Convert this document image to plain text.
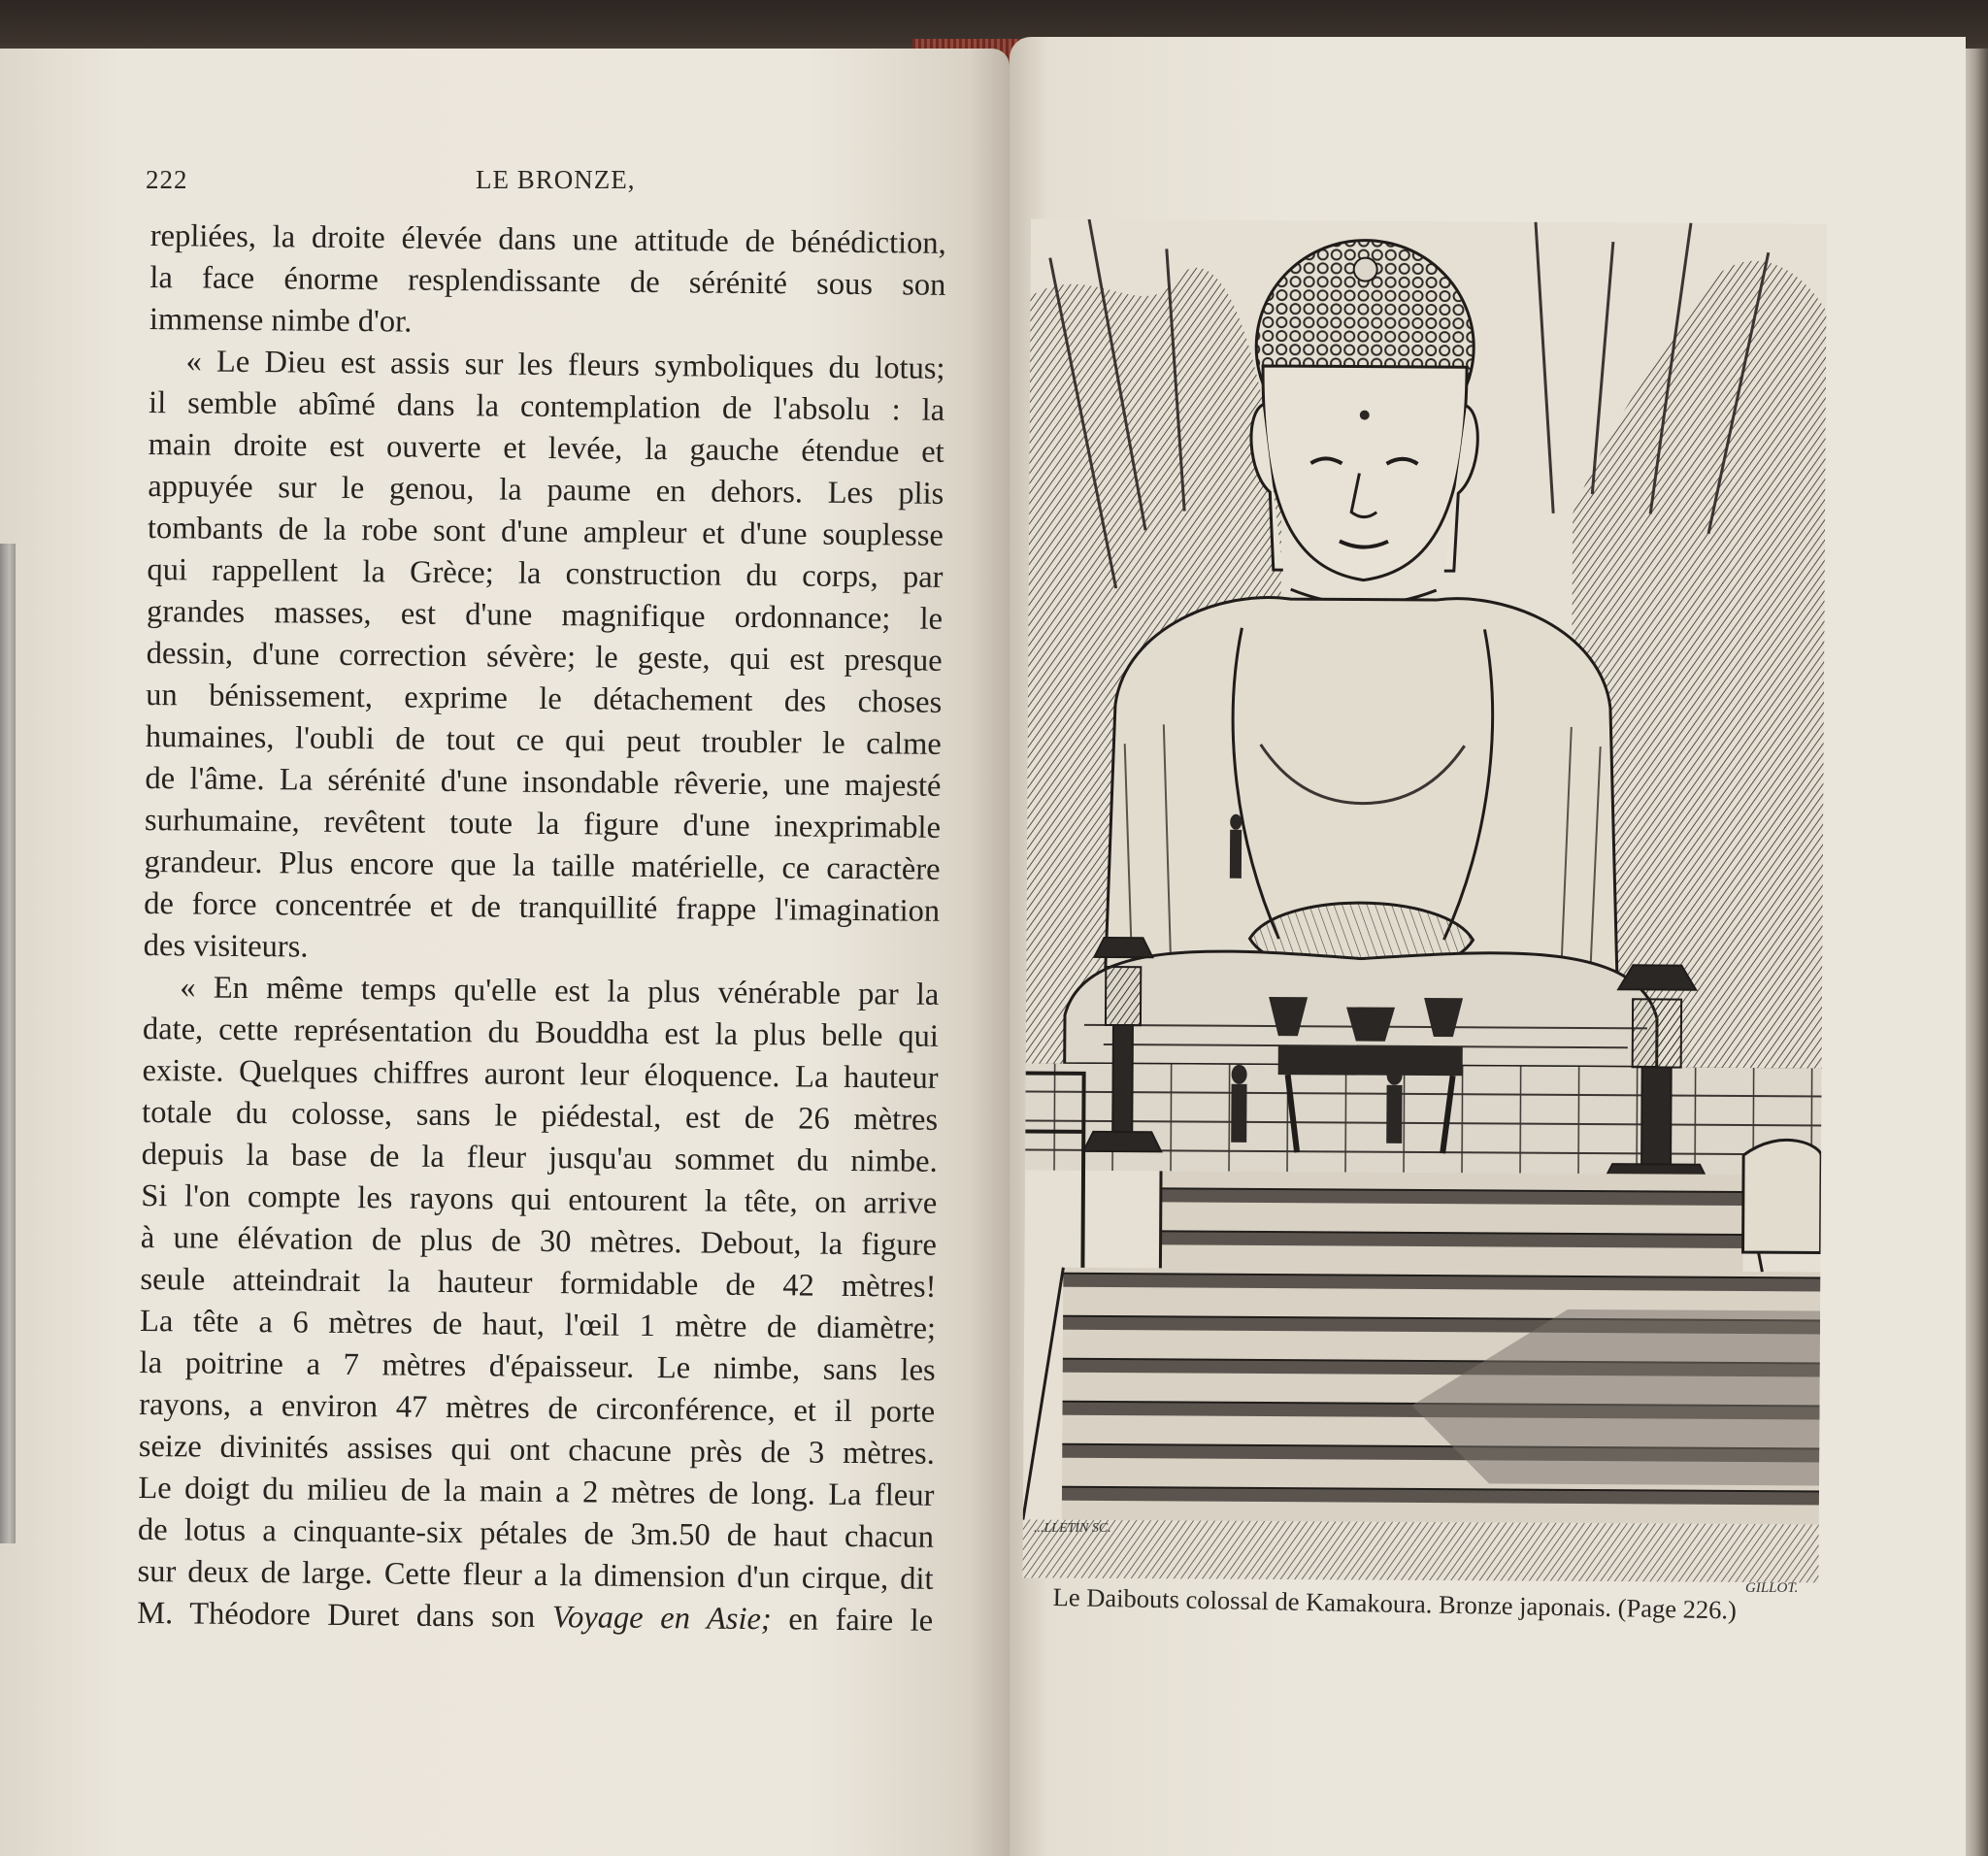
222	LE BRONZE,
repliées, la droite élevée dans une attitude de bénédiction,
la face énorme resplendissante de sérénité sous son
immense nimbe d'or.
« Le Dieu est assis sur les fleurs symboliques du lotus;
il semble abîmé dans la contemplation de l'absolu : la
main droite est ouverte et levée, la gauche étendue et
appuyée sur le genou, la paume en dehors. Les plis
tombants de la robe sont d'une ampleur et d'une souplesse
qui rappellent la Grèce; la construction du corps, par
grandes masses, est d'une magnifique ordonnance; le
dessin, d'une correction sévère; le geste, qui est presque
un bénissement, exprime le détachement des choses
humaines, l'oubli de tout ce qui peut troubler le calme
de l'âme. La sérénité d'une insondable rêverie, une majesté
surhumaine, revêtent toute la figure d'une inexprimable
grandeur. Plus encore que la taille matérielle, ce caractère
de force concentrée et de tranquillité frappe l'imagination
des visiteurs.
« En même temps qu'elle est la plus vénérable par la
date, cette représentation du Bouddha est la plus belle qui
existe. Quelques chiffres auront leur éloquence. La hauteur
totale du colosse, sans le piédestal, est de 26 mètres
depuis la base de la fleur jusqu'au sommet du nimbe.
Si l'on compte les rayons qui entourent la tête, on arrive
à une élévation de plus de 30 mètres. Debout, la figure
seule atteindrait la hauteur formidable de 42 mètres!
La tête a 6 mètres de haut, l'œil 1 mètre de diamètre;
la poitrine a 7 mètres d'épaisseur. Le nimbe, sans les
rayons, a environ 47 mètres de circonférence, et il porte
seize divinités assises qui ont chacune près de 3 mètres.
Le doigt du milieu de la main a 2 mètres de long. La fleur
de lotus a cinquante-six pétales de 3m.50 de haut chacun
sur deux de large. Cette fleur a la dimension d'un cirque, dit
M. Théodore Duret dans son Voyage en Asie; en faire le
...LLETIN SC.
GILLOT.
Le Daibouts colossal de Kamakoura. Bronze japonais. (Page 226.)
